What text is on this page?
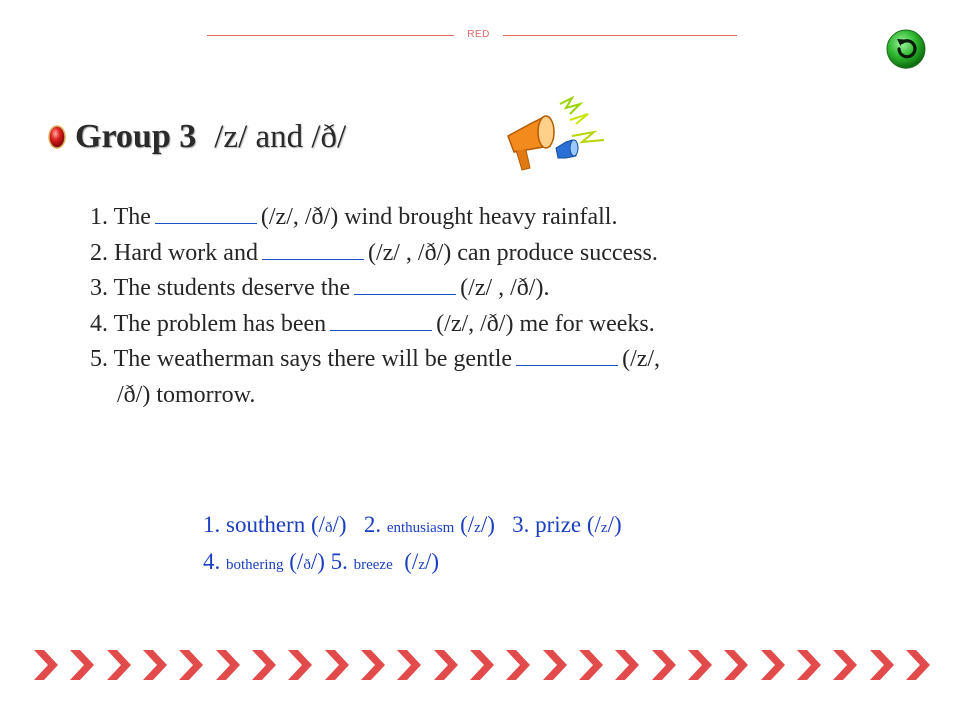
RED
Group 3 /z/ and /ð/
1. The	(/z/, /ð/) wind brought heavy rainfall.
2. Hard work and	(/z/ , /ð/) can produce success.
3. The students deserve the	(/z/ , /ð/).
4. The problem has been	(/z/, /ð/) me for weeks.
5. The weatherman says there will be gentle	(/z/,
/ð/) tomorrow.
1. southern (/ð/)   2. enthusiasm (/z/)   3. prize (/z/)
4. bothering (/ð/) 5. breeze  (/z/)
